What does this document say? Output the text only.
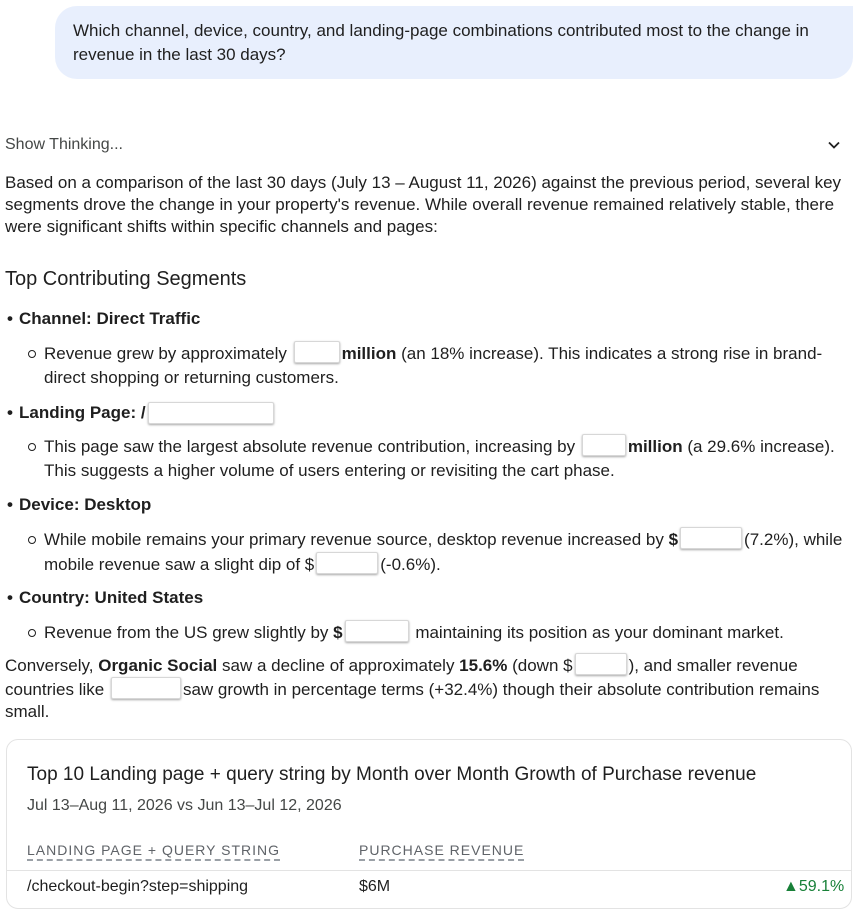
Which channel, device, country, and landing-page combinations contributed most to the change in revenue in the last 30 days?
Show Thinking...
Based on a comparison of the last 30 days (July 13 – August 11, 2026) against the previous period, several key segments drove the change in your property's revenue. While overall revenue remained relatively stable, there were significant shifts within specific channels and pages:
Top Contributing Segments
• Channel: Direct Traffic
Revenue grew by approximately	million (an 18% increase). This indicates a strong rise in brand-direct shopping or returning customers.
• Landing Page: /
This page saw the largest absolute revenue contribution, increasing by	million (a 29.6% increase). This suggests a higher volume of users entering or revisiting the cart phase.
• Device: Desktop
While mobile remains your primary revenue source, desktop revenue increased by $	(7.2%), while mobile revenue saw a slight dip of $	(-0.6%).
• Country: United States
Revenue from the US grew slightly by $	maintaining its position as your dominant market.
Conversely, Organic Social saw a decline of approximately 15.6% (down $	), and smaller revenue countries like	saw growth in percentage terms (+32.4%) though their absolute contribution remains small.
Top 10 Landing page + query string by Month over Month Growth of Purchase revenue
Jul 13–Aug 11, 2026 vs Jun 13–Jul 12, 2026
LANDING PAGE + QUERY STRING	PURCHASE REVENUE
/checkout-begin?step=shipping	$6M	▲59.1%
